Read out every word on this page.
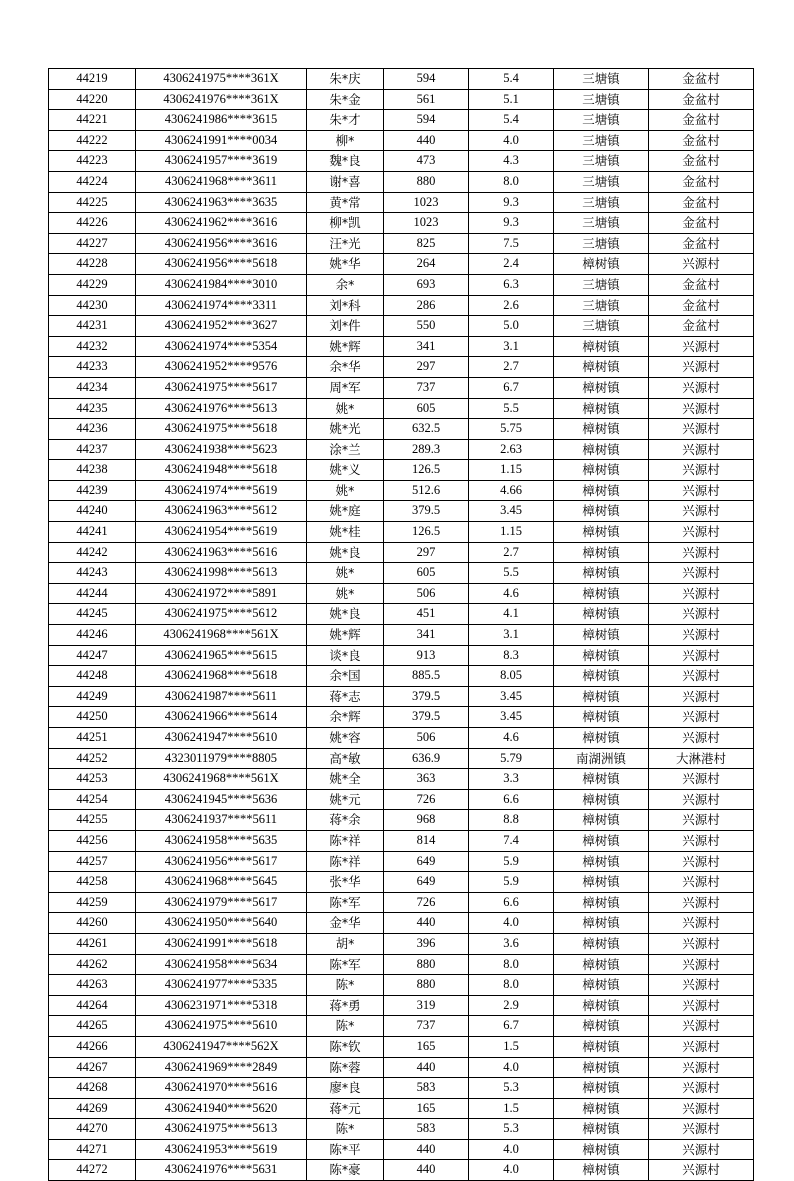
44219	4306241975****361X	朱*庆	594	5.4	三塘镇	金盆村
44220	4306241976****361X	朱*金	561	5.1	三塘镇	金盆村
44221	4306241986****3615	朱*才	594	5.4	三塘镇	金盆村
44222	4306241991****0034	柳*	440	4.0	三塘镇	金盆村
44223	4306241957****3619	魏*良	473	4.3	三塘镇	金盆村
44224	4306241968****3611	谢*喜	880	8.0	三塘镇	金盆村
44225	4306241963****3635	黄*常	1023	9.3	三塘镇	金盆村
44226	4306241962****3616	柳*凯	1023	9.3	三塘镇	金盆村
44227	4306241956****3616	汪*光	825	7.5	三塘镇	金盆村
44228	4306241956****5618	姚*华	264	2.4	樟树镇	兴源村
44229	4306241984****3010	余*	693	6.3	三塘镇	金盆村
44230	4306241974****3311	刘*科	286	2.6	三塘镇	金盆村
44231	4306241952****3627	刘*件	550	5.0	三塘镇	金盆村
44232	4306241974****5354	姚*辉	341	3.1	樟树镇	兴源村
44233	4306241952****9576	余*华	297	2.7	樟树镇	兴源村
44234	4306241975****5617	周*军	737	6.7	樟树镇	兴源村
44235	4306241976****5613	姚*	605	5.5	樟树镇	兴源村
44236	4306241975****5618	姚*光	632.5	5.75	樟树镇	兴源村
44237	4306241938****5623	涂*兰	289.3	2.63	樟树镇	兴源村
44238	4306241948****5618	姚*义	126.5	1.15	樟树镇	兴源村
44239	4306241974****5619	姚*	512.6	4.66	樟树镇	兴源村
44240	4306241963****5612	姚*庭	379.5	3.45	樟树镇	兴源村
44241	4306241954****5619	姚*桂	126.5	1.15	樟树镇	兴源村
44242	4306241963****5616	姚*良	297	2.7	樟树镇	兴源村
44243	4306241998****5613	姚*	605	5.5	樟树镇	兴源村
44244	4306241972****5891	姚*	506	4.6	樟树镇	兴源村
44245	4306241975****5612	姚*良	451	4.1	樟树镇	兴源村
44246	4306241968****561X	姚*辉	341	3.1	樟树镇	兴源村
44247	4306241965****5615	谈*良	913	8.3	樟树镇	兴源村
44248	4306241968****5618	余*国	885.5	8.05	樟树镇	兴源村
44249	4306241987****5611	蒋*志	379.5	3.45	樟树镇	兴源村
44250	4306241966****5614	余*辉	379.5	3.45	樟树镇	兴源村
44251	4306241947****5610	姚*容	506	4.6	樟树镇	兴源村
44252	4323011979****8805	高*敏	636.9	5.79	南湖洲镇	大淋港村
44253	4306241968****561X	姚*全	363	3.3	樟树镇	兴源村
44254	4306241945****5636	姚*元	726	6.6	樟树镇	兴源村
44255	4306241937****5611	蒋*余	968	8.8	樟树镇	兴源村
44256	4306241958****5635	陈*祥	814	7.4	樟树镇	兴源村
44257	4306241956****5617	陈*祥	649	5.9	樟树镇	兴源村
44258	4306241968****5645	张*华	649	5.9	樟树镇	兴源村
44259	4306241979****5617	陈*军	726	6.6	樟树镇	兴源村
44260	4306241950****5640	金*华	440	4.0	樟树镇	兴源村
44261	4306241991****5618	胡*	396	3.6	樟树镇	兴源村
44262	4306241958****5634	陈*军	880	8.0	樟树镇	兴源村
44263	4306241977****5335	陈*	880	8.0	樟树镇	兴源村
44264	4306231971****5318	蒋*勇	319	2.9	樟树镇	兴源村
44265	4306241975****5610	陈*	737	6.7	樟树镇	兴源村
44266	4306241947****562X	陈*钦	165	1.5	樟树镇	兴源村
44267	4306241969****2849	陈*蓉	440	4.0	樟树镇	兴源村
44268	4306241970****5616	廖*良	583	5.3	樟树镇	兴源村
44269	4306241940****5620	蒋*元	165	1.5	樟树镇	兴源村
44270	4306241975****5613	陈*	583	5.3	樟树镇	兴源村
44271	4306241953****5619	陈*平	440	4.0	樟树镇	兴源村
44272	4306241976****5631	陈*豪	440	4.0	樟树镇	兴源村
